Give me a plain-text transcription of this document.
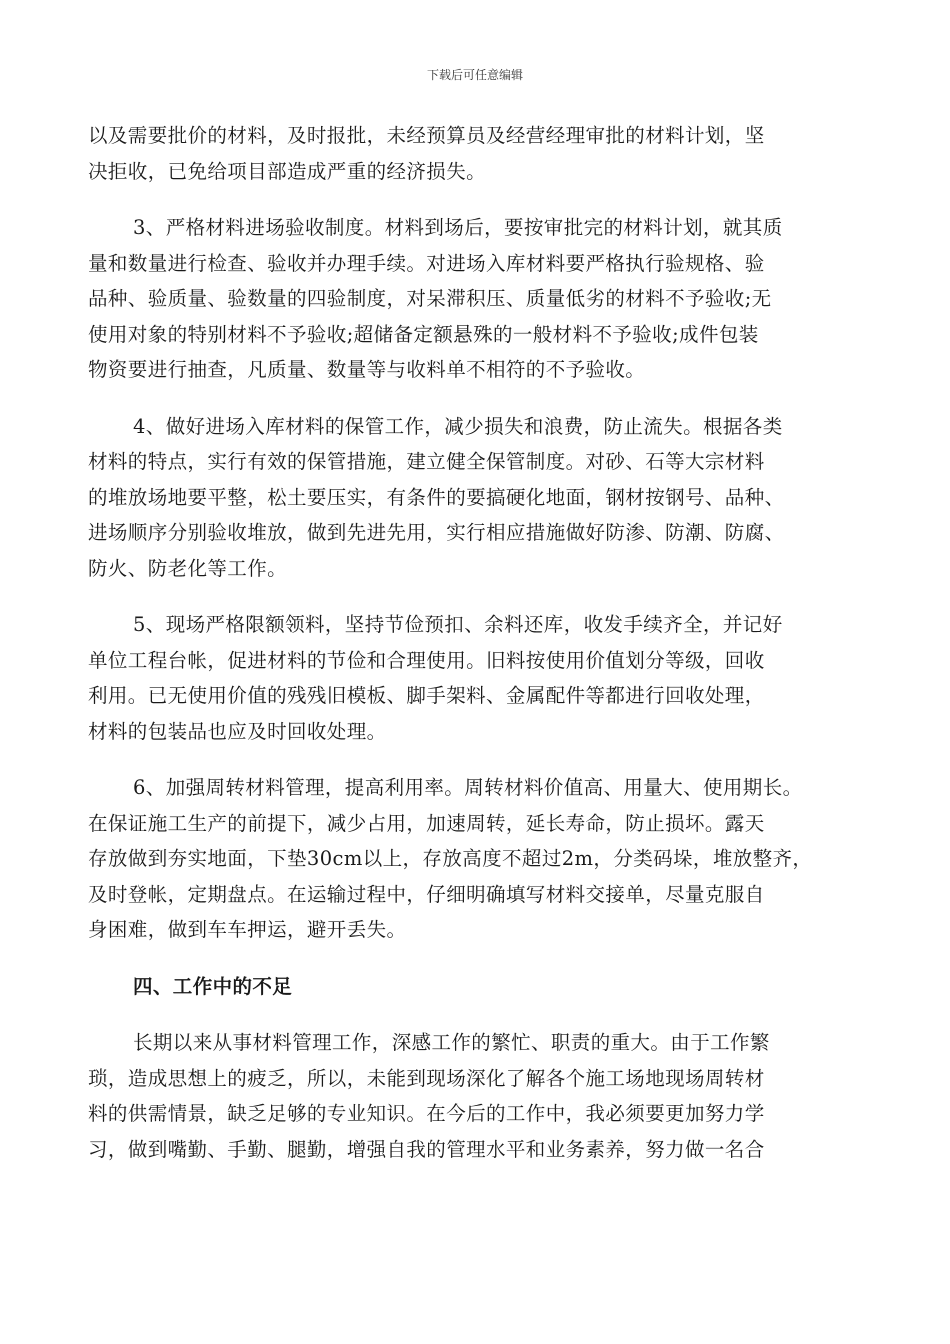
下载后可任意编辑
以及需要批价的材料，及时报批，未经预算员及经营经理审批的材料计划，坚
决拒收，已免给项目部造成严重的经济损失。
3、严格材料进场验收制度。材料到场后，要按审批完的材料计划，就其质
量和数量进行检查、验收并办理手续。对进场入库材料要严格执行验规格、验
品种、验质量、验数量的四验制度，对呆滞积压、质量低劣的材料不予验收;无
使用对象的特别材料不予验收;超储备定额悬殊的一般材料不予验收;成件包装
物资要进行抽查，凡质量、数量等与收料单不相符的不予验收。
4、做好进场入库材料的保管工作，减少损失和浪费，防止流失。根据各类
材料的特点，实行有效的保管措施，建立健全保管制度。对砂、石等大宗材料
的堆放场地要平整，松土要压实，有条件的要搞硬化地面，钢材按钢号、品种、
进场顺序分别验收堆放，做到先进先用，实行相应措施做好防渗、防潮、防腐、
防火、防老化等工作。
5、现场严格限额领料，坚持节俭预扣、余料还库，收发手续齐全，并记好
单位工程台帐，促进材料的节俭和合理使用。旧料按使用价值划分等级，回收
利用。已无使用价值的残残旧模板、脚手架料、金属配件等都进行回收处理，
材料的包装品也应及时回收处理。
6、加强周转材料管理，提高利用率。周转材料价值高、用量大、使用期长。
在保证施工生产的前提下，减少占用，加速周转，延长寿命，防止损坏。露天
存放做到夯实地面，下垫30cm以上，存放高度不超过2m，分类码垛，堆放整齐，
及时登帐，定期盘点。在运输过程中，仔细明确填写材料交接单，尽量克服自
身困难，做到车车押运，避开丢失。
四、工作中的不足
长期以来从事材料管理工作，深感工作的繁忙、职责的重大。由于工作繁
琐，造成思想上的疲乏，所以，未能到现场深化了解各个施工场地现场周转材
料的供需情景，缺乏足够的专业知识。在今后的工作中，我必须要更加努力学
习，做到嘴勤、手勤、腿勤，增强自我的管理水平和业务素养，努力做一名合
